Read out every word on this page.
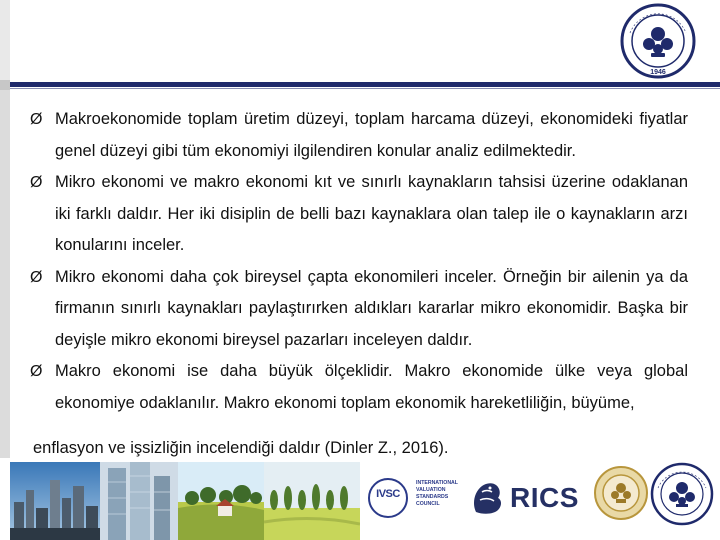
1946

Ø Makroekonomide toplam üretim düzeyi, toplam harcama düzeyi, ekonomideki fiyatlar genel düzeyi gibi tüm ekonomiyi ilgilendiren konular analiz edilmektedir.

Ø Mikro ekonomi ve makro ekonomi kıt ve sınırlı kaynakların tahsisi üzerine odaklanan iki farklı daldır. Her iki disiplin de belli bazı kaynaklara olan talep ile o kaynakların arzı konularını inceler.

Ø Mikro ekonomi daha çok bireysel çapta ekonomileri inceler. Örneğin bir ailenin ya da firmanın sınırlı kaynakları paylaştırırken aldıkları kararlar mikro ekonomidir. Başka bir deyişle mikro ekonomi bireysel pazarları inceleyen daldır.

Ø Makro ekonomi ise daha büyük ölçeklidir. Makro ekonomide ülke veya global ekonomiye odaklanılır. Makro ekonomi toplam ekonomik hareketliliğin, büyüme,

enflasyon ve işsizliğin incelendiği daldır (Dinler Z., 2016).

IVSC
INTERNATIONAL
VALUATION
STANDARDS
COUNCIL	RICS
